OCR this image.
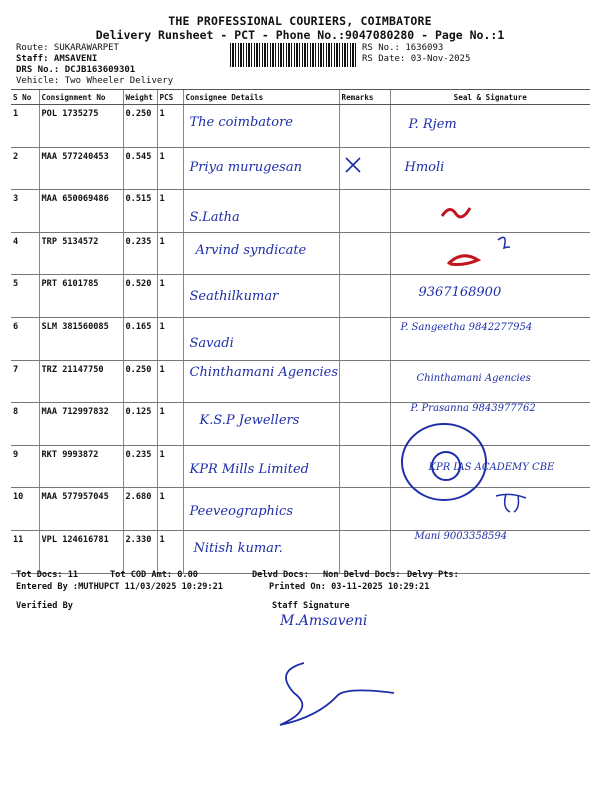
THE PROFESSIONAL COURIERS, COIMBATORE
Delivery Runsheet - PCT - Phone No.:9047080280 - Page No.:1
Route: SUKARAWARPET
Staff: AMSAVENI
DRS No.: DCJB163609301
Vehicle: Two Wheeler Delivery
RS No.: 1636093
RS Date: 03-Nov-2025
S No	Consignment No	Weight	PCS	Consignee Details	Remarks	Seal & Signature
1	POL 1735275	0.250	1	The coimbatore		P. Rjem

2	MAA 577240453	0.545	1	Priya murugesan		Hmoli

3	MAA 650069486	0.515	1	S.Latha		

4	TRP 5134572	0.235	1	Arvind syndicate		

5	PRT 6101785	0.520	1	Seathilkumar		9367168900

6	SLM 381560085	0.165	1	Savadi		P. Sangeetha 9842277954

7	TRZ 21147750	0.250	1	Chinthamani Agencies		Chinthamani Agencies

8	MAA 712997832	0.125	1	K.S.P Jewellers		P. Prasanna 9843977762

9	RKT 9993872	0.235	1	KPR Mills Limited		KPR IAS ACADEMY CBE

10	MAA 577957045	2.680	1	Peeveographics		

11	VPL 124616781	2.330	1	Nitish kumar.		Mani 9003358594
Tot Docs: 11	Tot COD Amt: 0.00	Delvd Docs: Non Delvd Docs: Delvy Pts:
Entered By :MUTHUPCT 11/03/2025 10:29:21	Printed On: 03-11-2025 10:29:21
Verified By	Staff Signature
M.Amsaveni
